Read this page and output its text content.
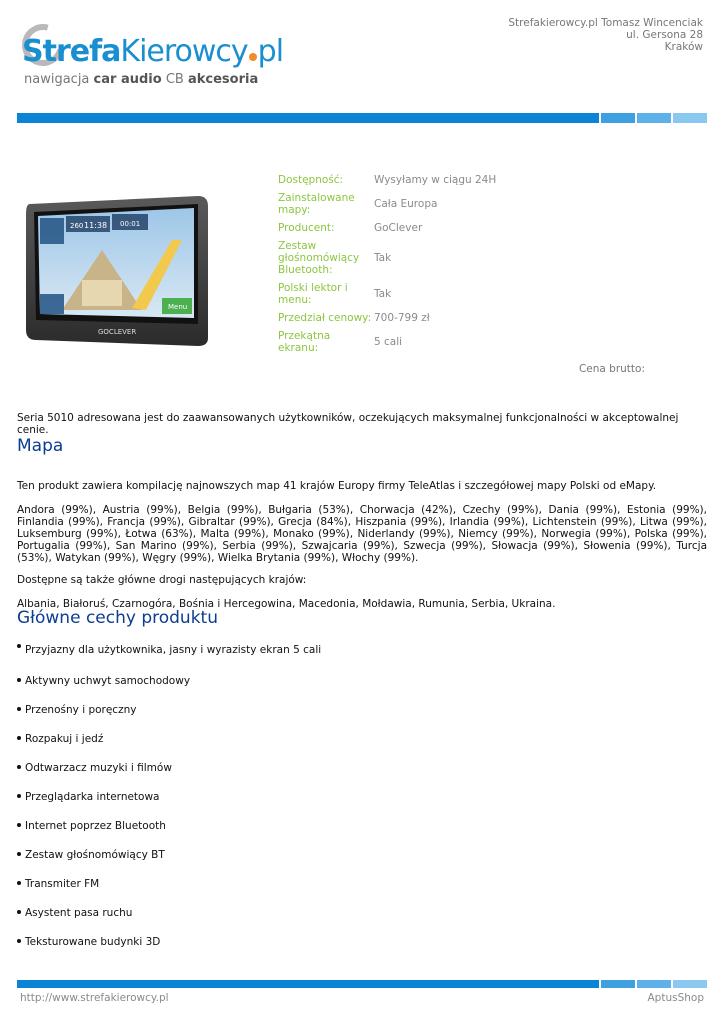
StrefaKierowcy pl
nawigacja car audio CB akcesoria
Strefakierowcy.pl Tomasz Wincenciak
ul. Gersona 28
Kraków
11:38
260	00:01
Menu
GOCLEVER
Dostępność:	Wysyłamy w ciągu 24H
Zainstalowane mapy:	Cała Europa
Producent:	GoClever
Zestaw głośnomówiący Bluetooth:	Tak
Polski lektor i menu:	Tak
Przedział cenowy:	700-799 zł
Przekątna ekranu:	5 cali
Cena brutto:
Seria 5010 adresowana jest do zaawansowanych użytkowników, oczekujących maksymalnej funkcjonalności w akceptowalnej cenie.
Mapa
Ten produkt zawiera kompilację najnowszych map 41 krajów Europy firmy TeleAtlas i szczegółowej mapy Polski od eMapy.
Andora (99%), Austria (99%), Belgia (99%), Bułgaria (53%), Chorwacja (42%), Czechy (99%), Dania (99%), Estonia (99%), Finlandia (99%), Francja (99%), Gibraltar (99%), Grecja (84%), Hiszpania (99%), Irlandia (99%), Lichtenstein (99%), Litwa (99%), Luksemburg (99%), Łotwa (63%), Malta (99%), Monako (99%), Niderlandy (99%), Niemcy (99%), Norwegia (99%), Polska (99%), Portugalia (99%), San Marino (99%), Serbia (99%), Szwajcaria (99%), Szwecja (99%), Słowacja (99%), Słowenia (99%), Turcja (53%), Watykan (99%), Węgry (99%), Wielka Brytania (99%), Włochy (99%).
Dostępne są także główne drogi następujących krajów:
Albania, Białoruś, Czarnogóra, Bośnia i Hercegowina, Macedonia, Mołdawia, Rumunia, Serbia, Ukraina.
Główne cechy produktu
Przyjazny dla użytkownika, jasny i wyrazisty ekran 5 cali
Aktywny uchwyt samochodowy
Przenośny i poręczny
Rozpakuj i jedź
Odtwarzacz muzyki i filmów
Przeglądarka internetowa
Internet poprzez Bluetooth
Zestaw głośnomówiący BT
Transmiter FM
Asystent pasa ruchu
Teksturowane budynki 3D
http://www.strefakierowcy.pl	AptusShop
